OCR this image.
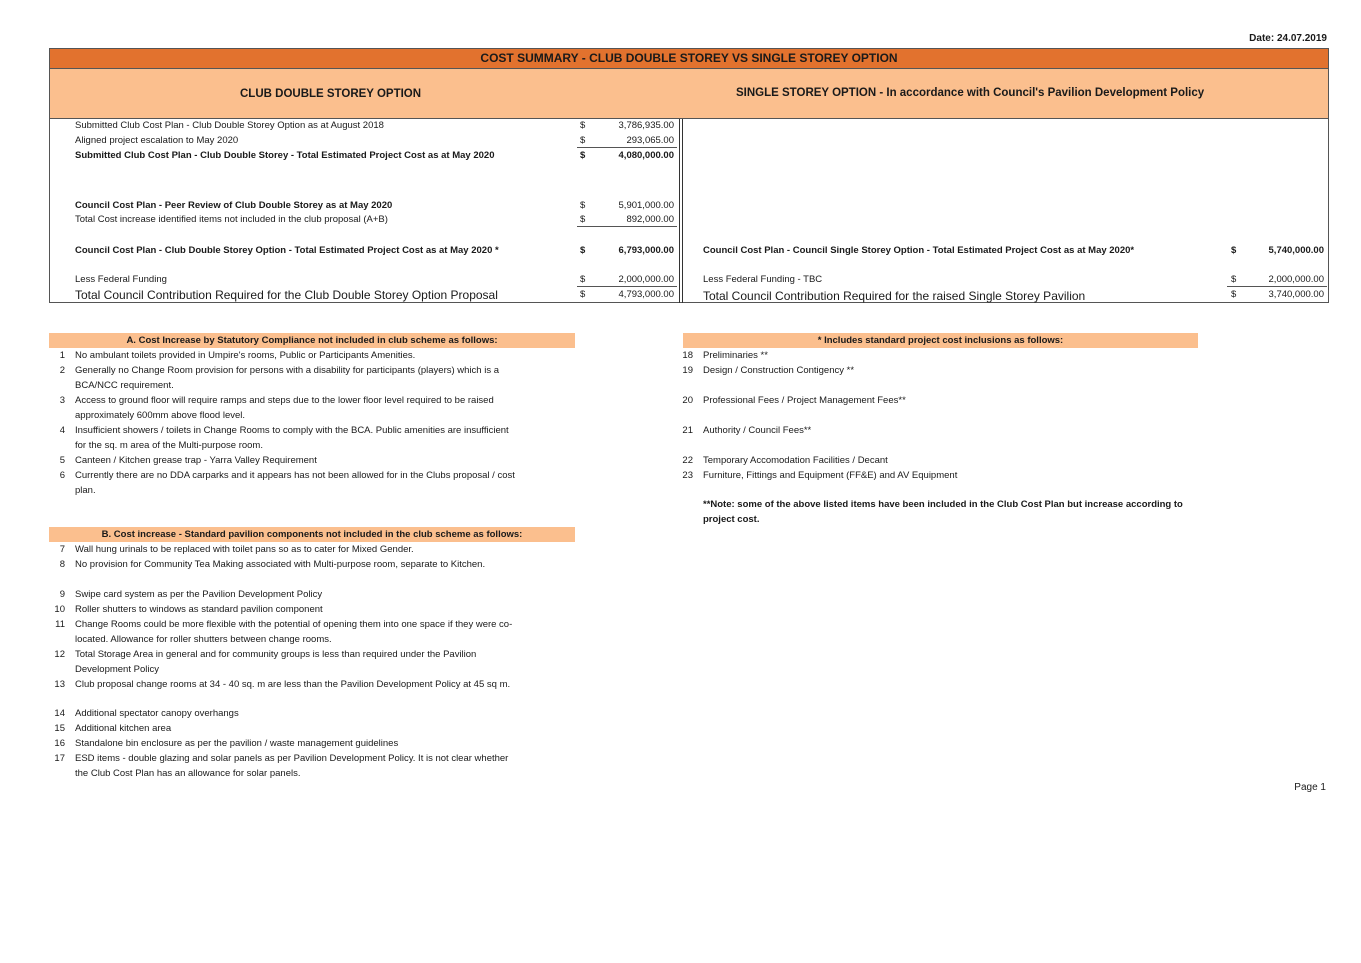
Date: 24.07.2019
COST SUMMARY - CLUB DOUBLE STOREY VS SINGLE STOREY OPTION
CLUB DOUBLE STOREY OPTION	SINGLE STOREY OPTION - In accordance with Council's Pavilion Development Policy
Submitted Club Cost Plan - Club Double Storey Option as at August 2018	$	3,786,935.00
Aligned project escalation to May 2020	$	293,065.00
Submitted Club Cost Plan - Club Double Storey - Total Estimated Project Cost as at May 2020	$	4,080,000.00
Council Cost Plan - Peer Review of Club Double Storey as at May 2020	$	5,901,000.00
Total Cost increase identified items not included in the club proposal (A+B)	$	892,000.00
Council Cost Plan - Club Double Storey Option - Total Estimated Project Cost as at May 2020 *	$	6,793,000.00
Less Federal Funding	$	2,000,000.00
Total Council Contribution Required for the Club Double Storey Option Proposal	$	4,793,000.00
Council Cost Plan - Council Single Storey Option - Total Estimated Project Cost as at May 2020*	$	5,740,000.00
Less Federal Funding - TBC	$	2,000,000.00
Total Council Contribution Required for the raised Single Storey Pavilion	$	3,740,000.00
A. Cost Increase by Statutory Compliance not included in club scheme as follows:
1 No ambulant toilets provided in Umpire's rooms, Public or Participants Amenities.
2 Generally no Change Room provision for persons with a disability for participants (players) which is a
BCA/NCC requirement.
3 Access to ground floor will require ramps and steps due to the lower floor level required to be raised
approximately 600mm above flood level.
4 Insufficient showers / toilets in Change Rooms to comply with the BCA. Public amenities are insufficient
for the sq. m area of the Multi-purpose room.
5 Canteen / Kitchen grease trap - Yarra Valley Requirement
6 Currently there are no DDA carparks and it appears has not been allowed for in the Clubs proposal / cost
plan.
B. Cost increase - Standard pavilion components not included in the club scheme as follows:
7 Wall hung urinals to be replaced with toilet pans so as to cater for Mixed Gender.
8 No provision for Community Tea Making associated with Multi-purpose room, separate to Kitchen.
9 Swipe card system as per the Pavilion Development Policy
10 Roller shutters to windows as standard pavilion component
11 Change Rooms could be more flexible with the potential of opening them into one space if they were co-
located. Allowance for roller shutters between change rooms.
12 Total Storage Area in general and for community groups is less than required under the Pavilion
Development Policy
13 Club proposal change rooms at 34 - 40 sq. m are less than the Pavilion Development Policy at 45 sq m.
14 Additional spectator canopy overhangs
15 Additional kitchen area
16 Standalone bin enclosure as per the pavilion / waste management guidelines
17 ESD items - double glazing and solar panels as per Pavilion Development Policy. It is not clear whether
the Club Cost Plan has an allowance for solar panels.
* Includes standard project cost inclusions as follows:
18 Preliminaries **
19 Design / Construction Contigency **
20 Professional Fees / Project Management Fees**
21 Authority / Council Fees**
22 Temporary Accomodation Facilities / Decant
23 Furniture, Fittings and Equipment (FF&E) and AV Equipment
**Note: some of the above listed items have been included in the Club Cost Plan but increase according to
project cost.
Page 1
